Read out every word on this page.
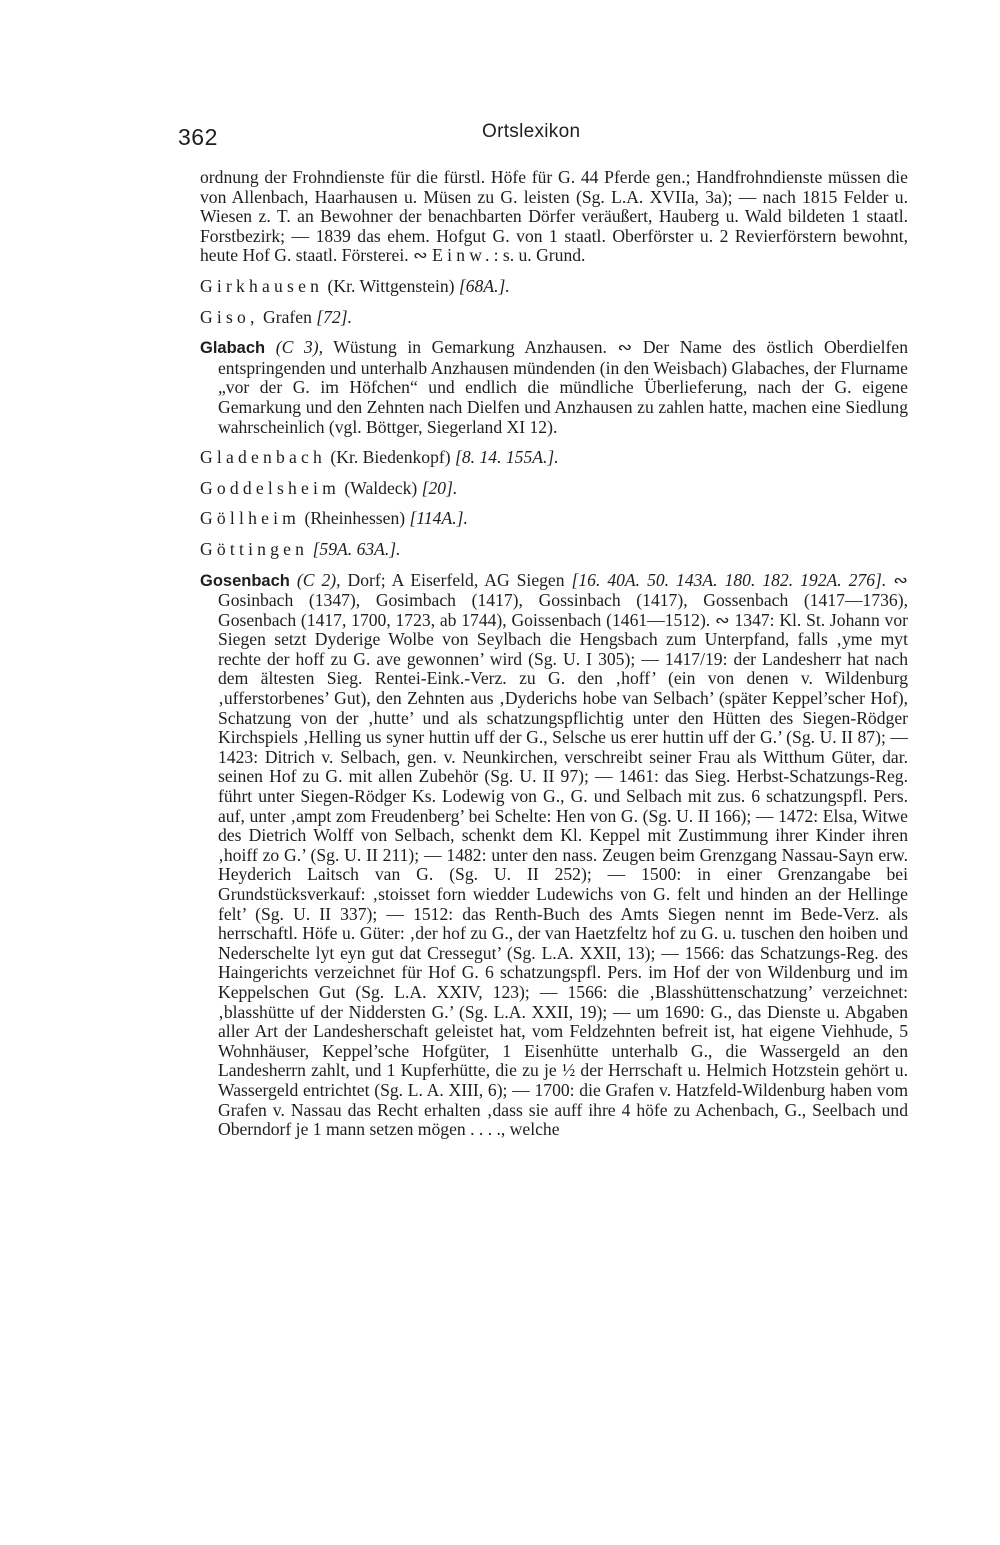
362	Ortslexikon

ordnung der Frohndienste für die fürstl. Höfe für G. 44 Pferde gen.; Handfrohndienste müssen die von Allenbach, Haarhausen u. Müsen zu G. leisten (Sg. L.A. XVIIa, 3a); — nach 1815 Felder u. Wiesen z. T. an Bewohner der benachbarten Dörfer veräußert, Hauberg u. Wald bildeten 1 staatl. Forstbezirk; — 1839 das ehem. Hofgut G. von 1 staatl. Oberförster u. 2 Revierförstern bewohnt, heute Hof G. staatl. Försterei. ∾ Einw.: s. u. Grund.

Girkhausen (Kr. Wittgenstein) [68A.].

Giso, Grafen [72].

Glabach (C 3), Wüstung in Gemarkung Anzhausen. ∾ Der Name des östlich Oberdielfen entspringenden und unterhalb Anzhausen mündenden (in den Weisbach) Glabaches, der Flurname „vor der G. im Höfchen“ und endlich die mündliche Überlieferung, nach der G. eigene Gemarkung und den Zehnten nach Dielfen und Anzhausen zu zahlen hatte, machen eine Siedlung wahrscheinlich (vgl. Böttger, Siegerland XI 12).

Gladenbach (Kr. Biedenkopf) [8. 14. 155A.].

Goddelsheim (Waldeck) [20].

Göllheim (Rheinhessen) [114A.].

Göttingen [59A. 63A.].

Gosenbach (C 2), Dorf; A Eiserfeld, AG Siegen [16. 40A. 50. 143A. 180. 182. 192A. 276]. ∾ Gosinbach (1347), Gosimbach (1417), Gossinbach (1417), Gossenbach (1417—1736), Gosenbach (1417, 1700, 1723, ab 1744), Goissenbach (1461—1512). ∾ 1347: Kl. St. Johann vor Siegen setzt Dyderige Wolbe von Seylbach die Hengsbach zum Unterpfand, falls ‚yme myt rechte der hoff zu G. ave gewonnen’ wird (Sg. U. I 305); — 1417/19: der Landesherr hat nach dem ältesten Sieg. Rentei-Eink.-Verz. zu G. den ‚hoff’ (ein von denen v. Wildenburg ‚ufferstorbenes’ Gut), den Zehnten aus ‚Dyderichs hobe van Selbach’ (später Keppel’scher Hof), Schatzung von der ‚hutte’ und als schatzungspflichtig unter den Hütten des Siegen-Rödger Kirchspiels ‚Helling us syner huttin uff der G., Selsche us erer huttin uff der G.’ (Sg. U. II 87); — 1423: Ditrich v. Selbach, gen. v. Neunkirchen, verschreibt seiner Frau als Witthum Güter, dar. seinen Hof zu G. mit allen Zubehör (Sg. U. II 97); — 1461: das Sieg. Herbst-Schatzungs-Reg. führt unter Siegen-Rödger Ks. Lodewig von G., G. und Selbach mit zus. 6 schatzungspfl. Pers. auf, unter ‚ampt zom Freudenberg’ bei Schelte: Hen von G. (Sg. U. II 166); — 1472: Elsa, Witwe des Dietrich Wolff von Selbach, schenkt dem Kl. Keppel mit Zustimmung ihrer Kinder ihren ‚hoiff zo G.’ (Sg. U. II 211); — 1482: unter den nass. Zeugen beim Grenzgang Nassau-Sayn erw. Heyderich Laitsch van G. (Sg. U. II 252); — 1500: in einer Grenzangabe bei Grundstücksverkauf: ‚stoisset forn wiedder Ludewichs von G. felt und hinden an der Hellinge felt’ (Sg. U. II 337); — 1512: das Renth-Buch des Amts Siegen nennt im Bede-Verz. als herrschaftl. Höfe u. Güter: ‚der hof zu G., der van Haetzfeltz hof zu G. u. tuschen den hoiben und Nederschelte lyt eyn gut dat Cressegut’ (Sg. L.A. XXII, 13); — 1566: das Schatzungs-Reg. des Haingerichts verzeichnet für Hof G. 6 schatzungspfl. Pers. im Hof der von Wildenburg und im Keppelschen Gut (Sg. L.A. XXIV, 123); — 1566: die ‚Blasshüttenschatzung’ verzeichnet: ‚blasshütte uf der Niddersten G.’ (Sg. L.A. XXII, 19); — um 1690: G., das Dienste u. Abgaben aller Art der Landesherschaft geleistet hat, vom Feldzehnten befreit ist, hat eigene Viehhude, 5 Wohnhäuser, Keppel’sche Hofgüter, 1 Eisenhütte unterhalb G., die Wassergeld an den Landesherrn zahlt, und 1 Kupferhütte, die zu je ½ der Herrschaft u. Helmich Hotzstein gehört u. Wassergeld entrichtet (Sg. L. A. XIII, 6); — 1700: die Grafen v. Hatzfeld-Wildenburg haben vom Grafen v. Nassau das Recht erhalten ‚dass sie auff ihre 4 höfe zu Achenbach, G., Seelbach und Oberndorf je 1 mann setzen mögen . . . ., welche
